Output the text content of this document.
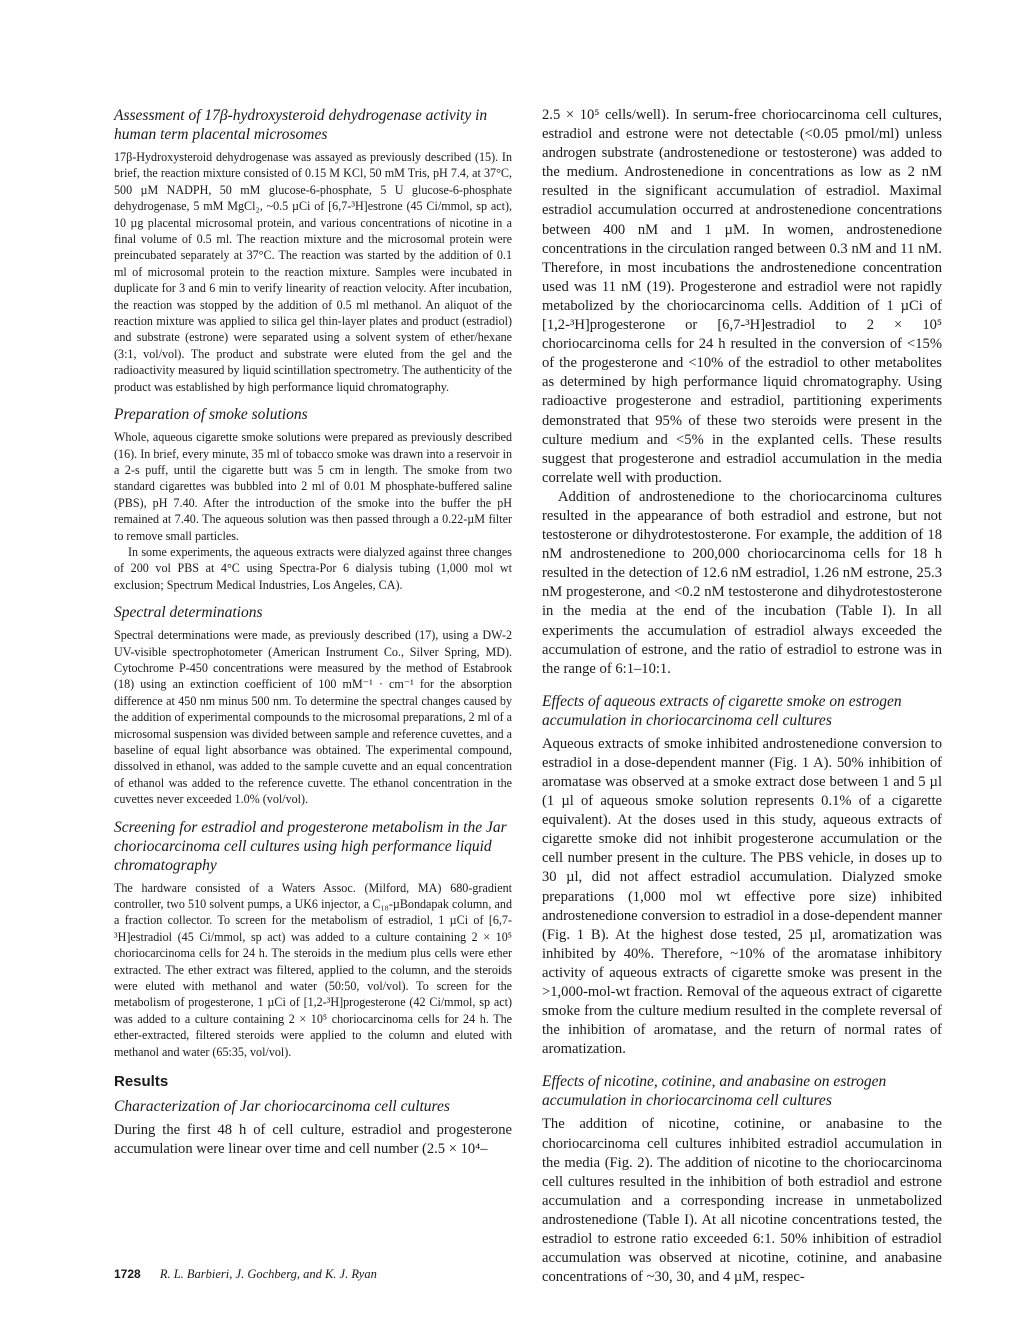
Assessment of 17β-hydroxysteroid dehydrogenase activity in human term placental microsomes

17β-Hydroxysteroid dehydrogenase was assayed as previously described (15). In brief, the reaction mixture consisted of 0.15 M KCl, 50 mM Tris, pH 7.4, at 37°C, 500 µM NADPH, 50 mM glucose-6-phosphate, 5 U glucose-6-phosphate dehydrogenase, 5 mM MgCl₂, ~0.5 µCi of [6,7-³H]estrone (45 Ci/mmol, sp act), 10 µg placental microsomal protein, and various concentrations of nicotine in a final volume of 0.5 ml. The reaction mixture and the microsomal protein were preincubated separately at 37°C. The reaction was started by the addition of 0.1 ml of microsomal protein to the reaction mixture. Samples were incubated in duplicate for 3 and 6 min to verify linearity of reaction velocity. After incubation, the reaction was stopped by the addition of 0.5 ml methanol. An aliquot of the reaction mixture was applied to silica gel thin-layer plates and product (estradiol) and substrate (estrone) were separated using a solvent system of ether/hexane (3:1, vol/vol). The product and substrate were eluted from the gel and the radioactivity measured by liquid scintillation spectrometry. The authenticity of the product was established by high performance liquid chromatography.

Preparation of smoke solutions

Whole, aqueous cigarette smoke solutions were prepared as previously described (16). In brief, every minute, 35 ml of tobacco smoke was drawn into a reservoir in a 2-s puff, until the cigarette butt was 5 cm in length. The smoke from two standard cigarettes was bubbled into 2 ml of 0.01 M phosphate-buffered saline (PBS), pH 7.40. After the introduction of the smoke into the buffer the pH remained at 7.40. The aqueous solution was then passed through a 0.22-µM filter to remove small particles.

In some experiments, the aqueous extracts were dialyzed against three changes of 200 vol PBS at 4°C using Spectra-Por 6 dialysis tubing (1,000 mol wt exclusion; Spectrum Medical Industries, Los Angeles, CA).

Spectral determinations

Spectral determinations were made, as previously described (17), using a DW-2 UV-visible spectrophotometer (American Instrument Co., Silver Spring, MD). Cytochrome P-450 concentrations were measured by the method of Estabrook (18) using an extinction coefficient of 100 mM⁻¹ · cm⁻¹ for the absorption difference at 450 nm minus 500 nm. To determine the spectral changes caused by the addition of experimental compounds to the microsomal preparations, 2 ml of a microsomal suspension was divided between sample and reference cuvettes, and a baseline of equal light absorbance was obtained. The experimental compound, dissolved in ethanol, was added to the sample cuvette and an equal concentration of ethanol was added to the reference cuvette. The ethanol concentration in the cuvettes never exceeded 1.0% (vol/vol).

Screening for estradiol and progesterone metabolism in the Jar choriocarcinoma cell cultures using high performance liquid chromatography

The hardware consisted of a Waters Assoc. (Milford, MA) 680-gradient controller, two 510 solvent pumps, a UK6 injector, a C₁₈-µBondapak column, and a fraction collector. To screen for the metabolism of estradiol, 1 µCi of [6,7-³H]estradiol (45 Ci/mmol, sp act) was added to a culture containing 2 × 10⁵ choriocarcinoma cells for 24 h. The steroids in the medium plus cells were ether extracted. The ether extract was filtered, applied to the column, and the steroids were eluted with methanol and water (50:50, vol/vol). To screen for the metabolism of progesterone, 1 µCi of [1,2-³H]progesterone (42 Ci/mmol, sp act) was added to a culture containing 2 × 10⁵ choriocarcinoma cells for 24 h. The ether-extracted, filtered steroids were applied to the column and eluted with methanol and water (65:35, vol/vol).

Results
Characterization of Jar choriocarcinoma cell cultures

During the first 48 h of cell culture, estradiol and progesterone accumulation were linear over time and cell number (2.5 × 10⁴–

2.5 × 10⁵ cells/well). In serum-free choriocarcinoma cell cultures, estradiol and estrone were not detectable (<0.05 pmol/ml) unless androgen substrate (androstenedione or testosterone) was added to the medium. Androstenedione in concentrations as low as 2 nM resulted in the significant accumulation of estradiol. Maximal estradiol accumulation occurred at androstenedione concentrations between 400 nM and 1 µM. In women, androstenedione concentrations in the circulation ranged between 0.3 nM and 11 nM. Therefore, in most incubations the androstenedione concentration used was 11 nM (19). Progesterone and estradiol were not rapidly metabolized by the choriocarcinoma cells. Addition of 1 µCi of [1,2-³H]progesterone or [6,7-³H]estradiol to 2 × 10⁵ choriocarcinoma cells for 24 h resulted in the conversion of <15% of the progesterone and <10% of the estradiol to other metabolites as determined by high performance liquid chromatography. Using radioactive progesterone and estradiol, partitioning experiments demonstrated that 95% of these two steroids were present in the culture medium and <5% in the explanted cells. These results suggest that progesterone and estradiol accumulation in the media correlate well with production.

Addition of androstenedione to the choriocarcinoma cultures resulted in the appearance of both estradiol and estrone, but not testosterone or dihydrotestosterone. For example, the addition of 18 nM androstenedione to 200,000 choriocarcinoma cells for 18 h resulted in the detection of 12.6 nM estradiol, 1.26 nM estrone, 25.3 nM progesterone, and <0.2 nM testosterone and dihydrotestosterone in the media at the end of the incubation (Table I). In all experiments the accumulation of estradiol always exceeded the accumulation of estrone, and the ratio of estradiol to estrone was in the range of 6:1–10:1.

Effects of aqueous extracts of cigarette smoke on estrogen accumulation in choriocarcinoma cell cultures

Aqueous extracts of smoke inhibited androstenedione conversion to estradiol in a dose-dependent manner (Fig. 1 A). 50% inhibition of aromatase was observed at a smoke extract dose between 1 and 5 µl (1 µl of aqueous smoke solution represents 0.1% of a cigarette equivalent). At the doses used in this study, aqueous extracts of cigarette smoke did not inhibit progesterone accumulation or the cell number present in the culture. The PBS vehicle, in doses up to 30 µl, did not affect estradiol accumulation. Dialyzed smoke preparations (1,000 mol wt effective pore size) inhibited androstenedione conversion to estradiol in a dose-dependent manner (Fig. 1 B). At the highest dose tested, 25 µl, aromatization was inhibited by 40%. Therefore, ~10% of the aromatase inhibitory activity of aqueous extracts of cigarette smoke was present in the >1,000-mol-wt fraction. Removal of the aqueous extract of cigarette smoke from the culture medium resulted in the complete reversal of the inhibition of aromatase, and the return of normal rates of aromatization.

Effects of nicotine, cotinine, and anabasine on estrogen accumulation in choriocarcinoma cell cultures

The addition of nicotine, cotinine, or anabasine to the choriocarcinoma cell cultures inhibited estradiol accumulation in the media (Fig. 2). The addition of nicotine to the choriocarcinoma cell cultures resulted in the inhibition of both estradiol and estrone accumulation and a corresponding increase in unmetabolized androstenedione (Table I). At all nicotine concentrations tested, the estradiol to estrone ratio exceeded 6:1. 50% inhibition of estradiol accumulation was observed at nicotine, cotinine, and anabasine concentrations of ~30, 30, and 4 µM, respec-

1728 R. L. Barbieri, J. Gochberg, and K. J. Ryan
